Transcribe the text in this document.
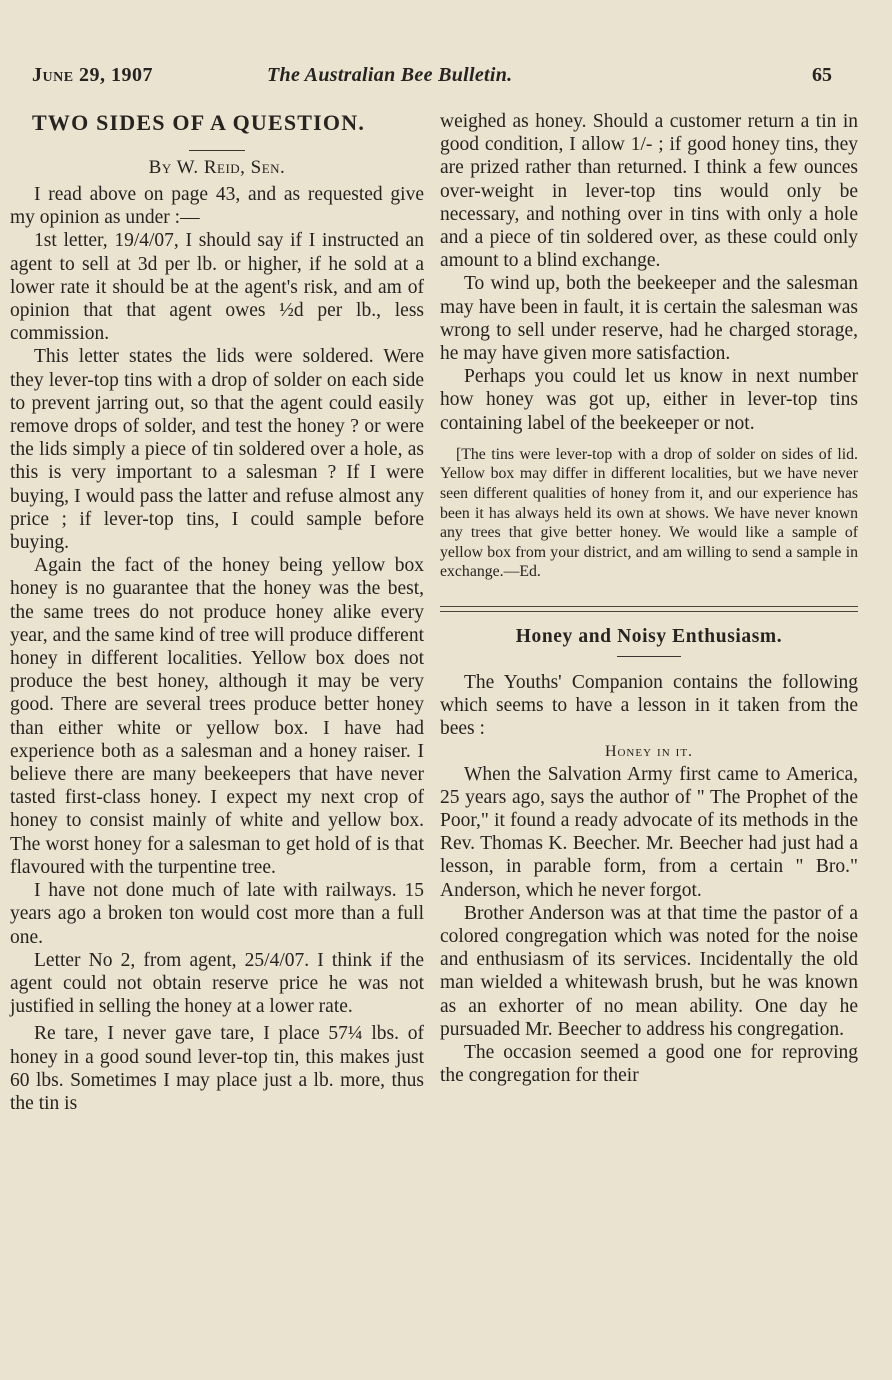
June 29, 1907	The Australian Bee Bulletin.	65
TWO SIDES OF A QUESTION.
By W. Reid, Sen.

I read above on page 43, and as requested give my opinion as under :—

1st letter, 19/4/07, I should say if I instructed an agent to sell at 3d per lb. or higher, if he sold at a lower rate it should be at the agent's risk, and am of opinion that that agent owes ½d per lb., less commission.

This letter states the lids were soldered. Were they lever-top tins with a drop of solder on each side to prevent jarring out, so that the agent could easily remove drops of solder, and test the honey ? or were the lids simply a piece of tin soldered over a hole, as this is very important to a salesman ? If I were buying, I would pass the latter and refuse almost any price ; if lever-top tins, I could sample before buying.

Again the fact of the honey being yellow box honey is no guarantee that the honey was the best, the same trees do not produce honey alike every year, and the same kind of tree will produce different honey in different localities. Yellow box does not produce the best honey, although it may be very good. There are several trees produce better honey than either white or yellow box. I have had experience both as a salesman and a honey raiser. I believe there are many beekeepers that have never tasted first-class honey. I expect my next crop of honey to consist mainly of white and yellow box. The worst honey for a salesman to get hold of is that flavoured with the turpentine tree.

I have not done much of late with railways. 15 years ago a broken ton would cost more than a full one.

Letter No 2, from agent, 25/4/07. I think if the agent could not obtain reserve price he was not justified in selling the honey at a lower rate.

Re tare, I never gave tare, I place 57¼ lbs. of honey in a good sound lever-top tin, this makes just 60 lbs. Sometimes I may place just a lb. more, thus the tin is

weighed as honey. Should a customer return a tin in good condition, I allow 1/- ; if good honey tins, they are prized rather than returned. I think a few ounces over-weight in lever-top tins would only be necessary, and nothing over in tins with only a hole and a piece of tin soldered over, as these could only amount to a blind exchange.

To wind up, both the beekeeper and the salesman may have been in fault, it is certain the salesman was wrong to sell under reserve, had he charged storage, he may have given more satisfaction.

Perhaps you could let us know in next number how honey was got up, either in lever-top tins containing label of the beekeeper or not.

[The tins were lever-top with a drop of solder on sides of lid. Yellow box may differ in different localities, but we have never seen different qualities of honey from it, and our experience has been it has always held its own at shows. We have never known any trees that give better honey. We would like a sample of yellow box from your district, and am willing to send a sample in exchange.—Ed.

Honey and Noisy Enthusiasm.

The Youths' Companion contains the following which seems to have a lesson in it taken from the bees :

Honey in it.

When the Salvation Army first came to America, 25 years ago, says the author of " The Prophet of the Poor," it found a ready advocate of its methods in the Rev. Thomas K. Beecher. Mr. Beecher had just had a lesson, in parable form, from a certain " Bro." Anderson, which he never forgot.

Brother Anderson was at that time the pastor of a colored congregation which was noted for the noise and enthusiasm of its services. Incidentally the old man wielded a whitewash brush, but he was known as an exhorter of no mean ability. One day he pursuaded Mr. Beecher to address his congregation.

The occasion seemed a good one for reproving the congregation for their
